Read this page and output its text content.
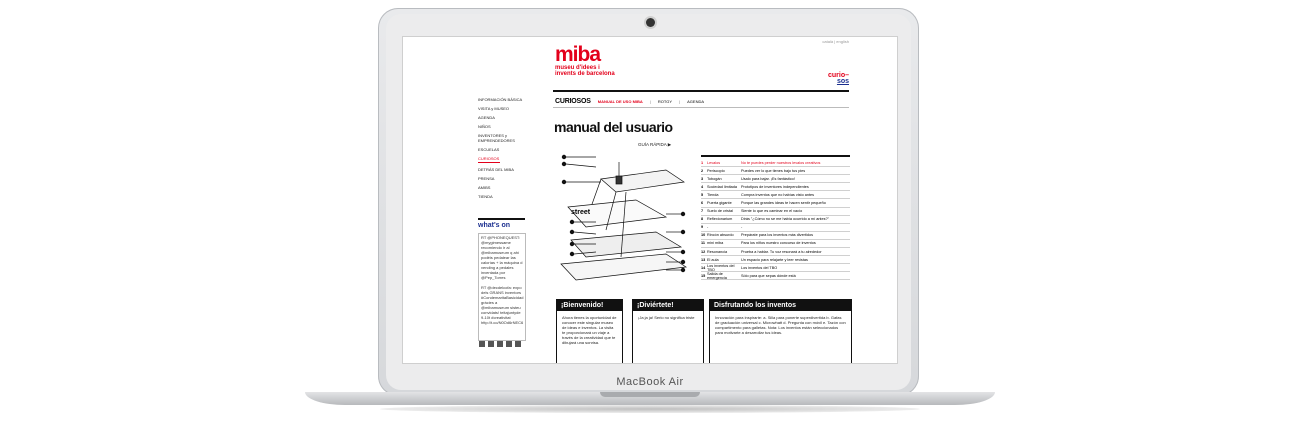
català | english
miba
museu d'idees i invents de barcelona	curio–
sos
CURIOSOS MANUAL DE USO MIBA | ROTGY | AGENDA
INFORMACIÓN BÁSICA
VISITA y MUSEO
AGENDA
NIÑOS
INVENTORES y EMPRENDEDORES
ESCUELAS
CURIOSOS
DETRÁS DEL MIBA
PRENSA
AMIBS
TIENDA
what's on
RT @PHONEQUEST: @mygimessame recomiendo ir al @mibamuseum q ahí podéis pedalear las calorías + la máquina d vending a pedales inventada por @Pep_Torres

RT @decdelcofa: expo dels GRANS inventors #CondemaritaBasicidad gràcies a @mibamuseum sisteu convidats! teitajuntyde 9-10t #creativitat http://t.co/N0Od6rNEC6
manual del usuario
GUÍA RÁPIDA ▶
street
1	Levalos	No te puedes perder nuestros levalos creativos
2	Periscopio	Puedes ver lo que tienes bajo tus pies
3	Tobogán	Usalo para bajar. ¡Es fantástico!
4	Sociedad limitada	Prototipos de inventores independientes
5	Tienda	Compra inventos que no habías visto antes
6	Puerta gigante	Porque las grandes ideas te hacen sentir pequeño
7	Suelo de cristal	Siente lo que es caminar en el vacío
8	Reflexionarium	Dirás "¿Cómo no se me había ocurrido a mí antes?"
9	-	-
10 Rincón absurdo	Prepárate para los inventos más divertidos
11 mini miba	Para los niños nuestro concurso de inventos
12 Resonancia	Prueba a hablar. Tu voz resonará a tu alrededor
13 El aula	Un espacio para relajarte y leer revistas
14 Los inventos del TBO	Los inventos del TBO
15 Salida de emergencia	Sólo para que sepas dónde está
¡Bienvenido!
Ahora tienes la oportunidad de conocer este singular museo de ideas e inventos. La visita te proporcionará un viaje a través de la creatividad que te dibujará una sonrisa.
¡Diviértete!
¡Ja ja ja! Serio no significa triste
Disfrutando los inventos
Innovación para inspirarte: a. Silla para ponerte superdivertida b. Gafas de graduación universal c. Microwhatt d. Pregunta con móvil e. Tazón con compartimento para galletas. Nota: Los inventos están seleccionados para motivarte a desarrollar tus ideas.
MacBook Air
